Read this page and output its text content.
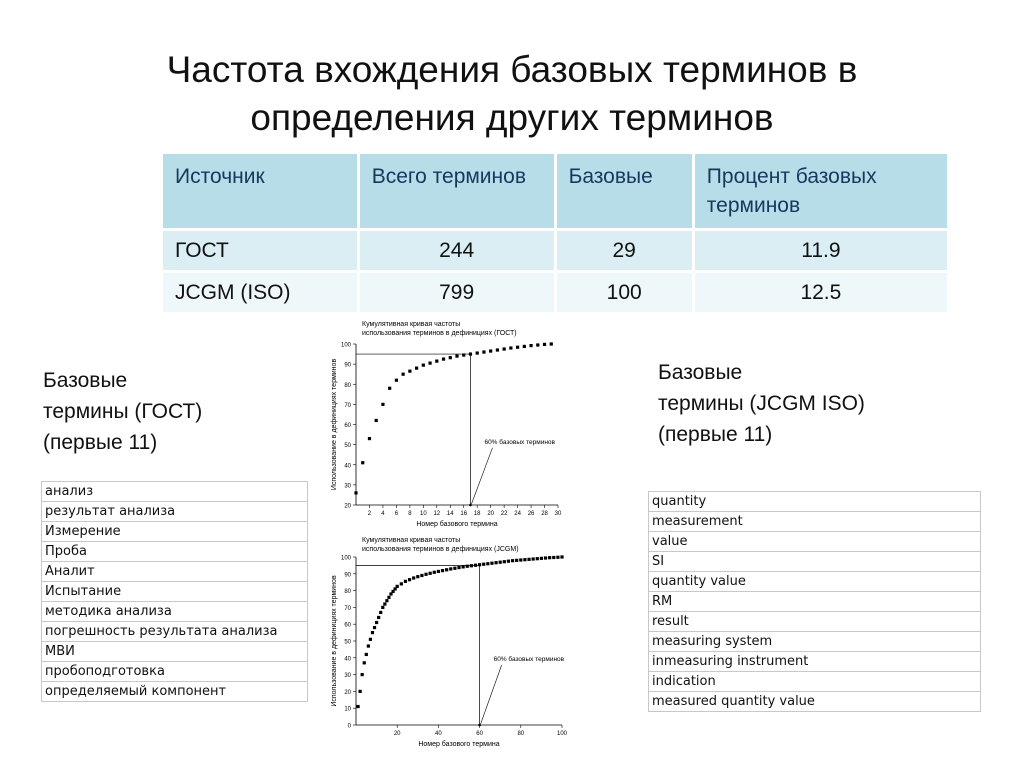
Частота вхождения базовых терминов в
определения других терминов
Источник	Всего терминов	Базовые	Процент базовых терминов
ГОСТ	244	29	11.9
JCGM (ISO)	799	100	12.5
Базовые
термины (ГОСТ)
(первые 11)
Базовые
термины (JCGM ISO)
(первые 11)
анализ
результат анализа
Измерение
Проба
Аналит
Испытание
методика анализа
погрешность результата анализа
МВИ
пробоподготовка
определяемый компонент
quantity
measurement
value
SI
quantity value
RM
result
measuring system
inmeasuring instrument
indication
measured quantity value
Кумулятивная кривая частоты
использования терминов в дефинициях (ГОСТ)
20
30
40
50
60
70
80
90
100
2 4 6 8 10 12 14 16 18 20 22 24 26 28 30
Номер базового термина
Использование в дефинициях терминов	60% базовых терминов
Кумулятивная кривая частоты
использования терминов в дефинициях (JCGM)
0
10
20
30
40
50
60
70
80
90
100
20	40	60	80	100
Номер базового термина
Использование в дефинициях терминов	60% базовых терминов
